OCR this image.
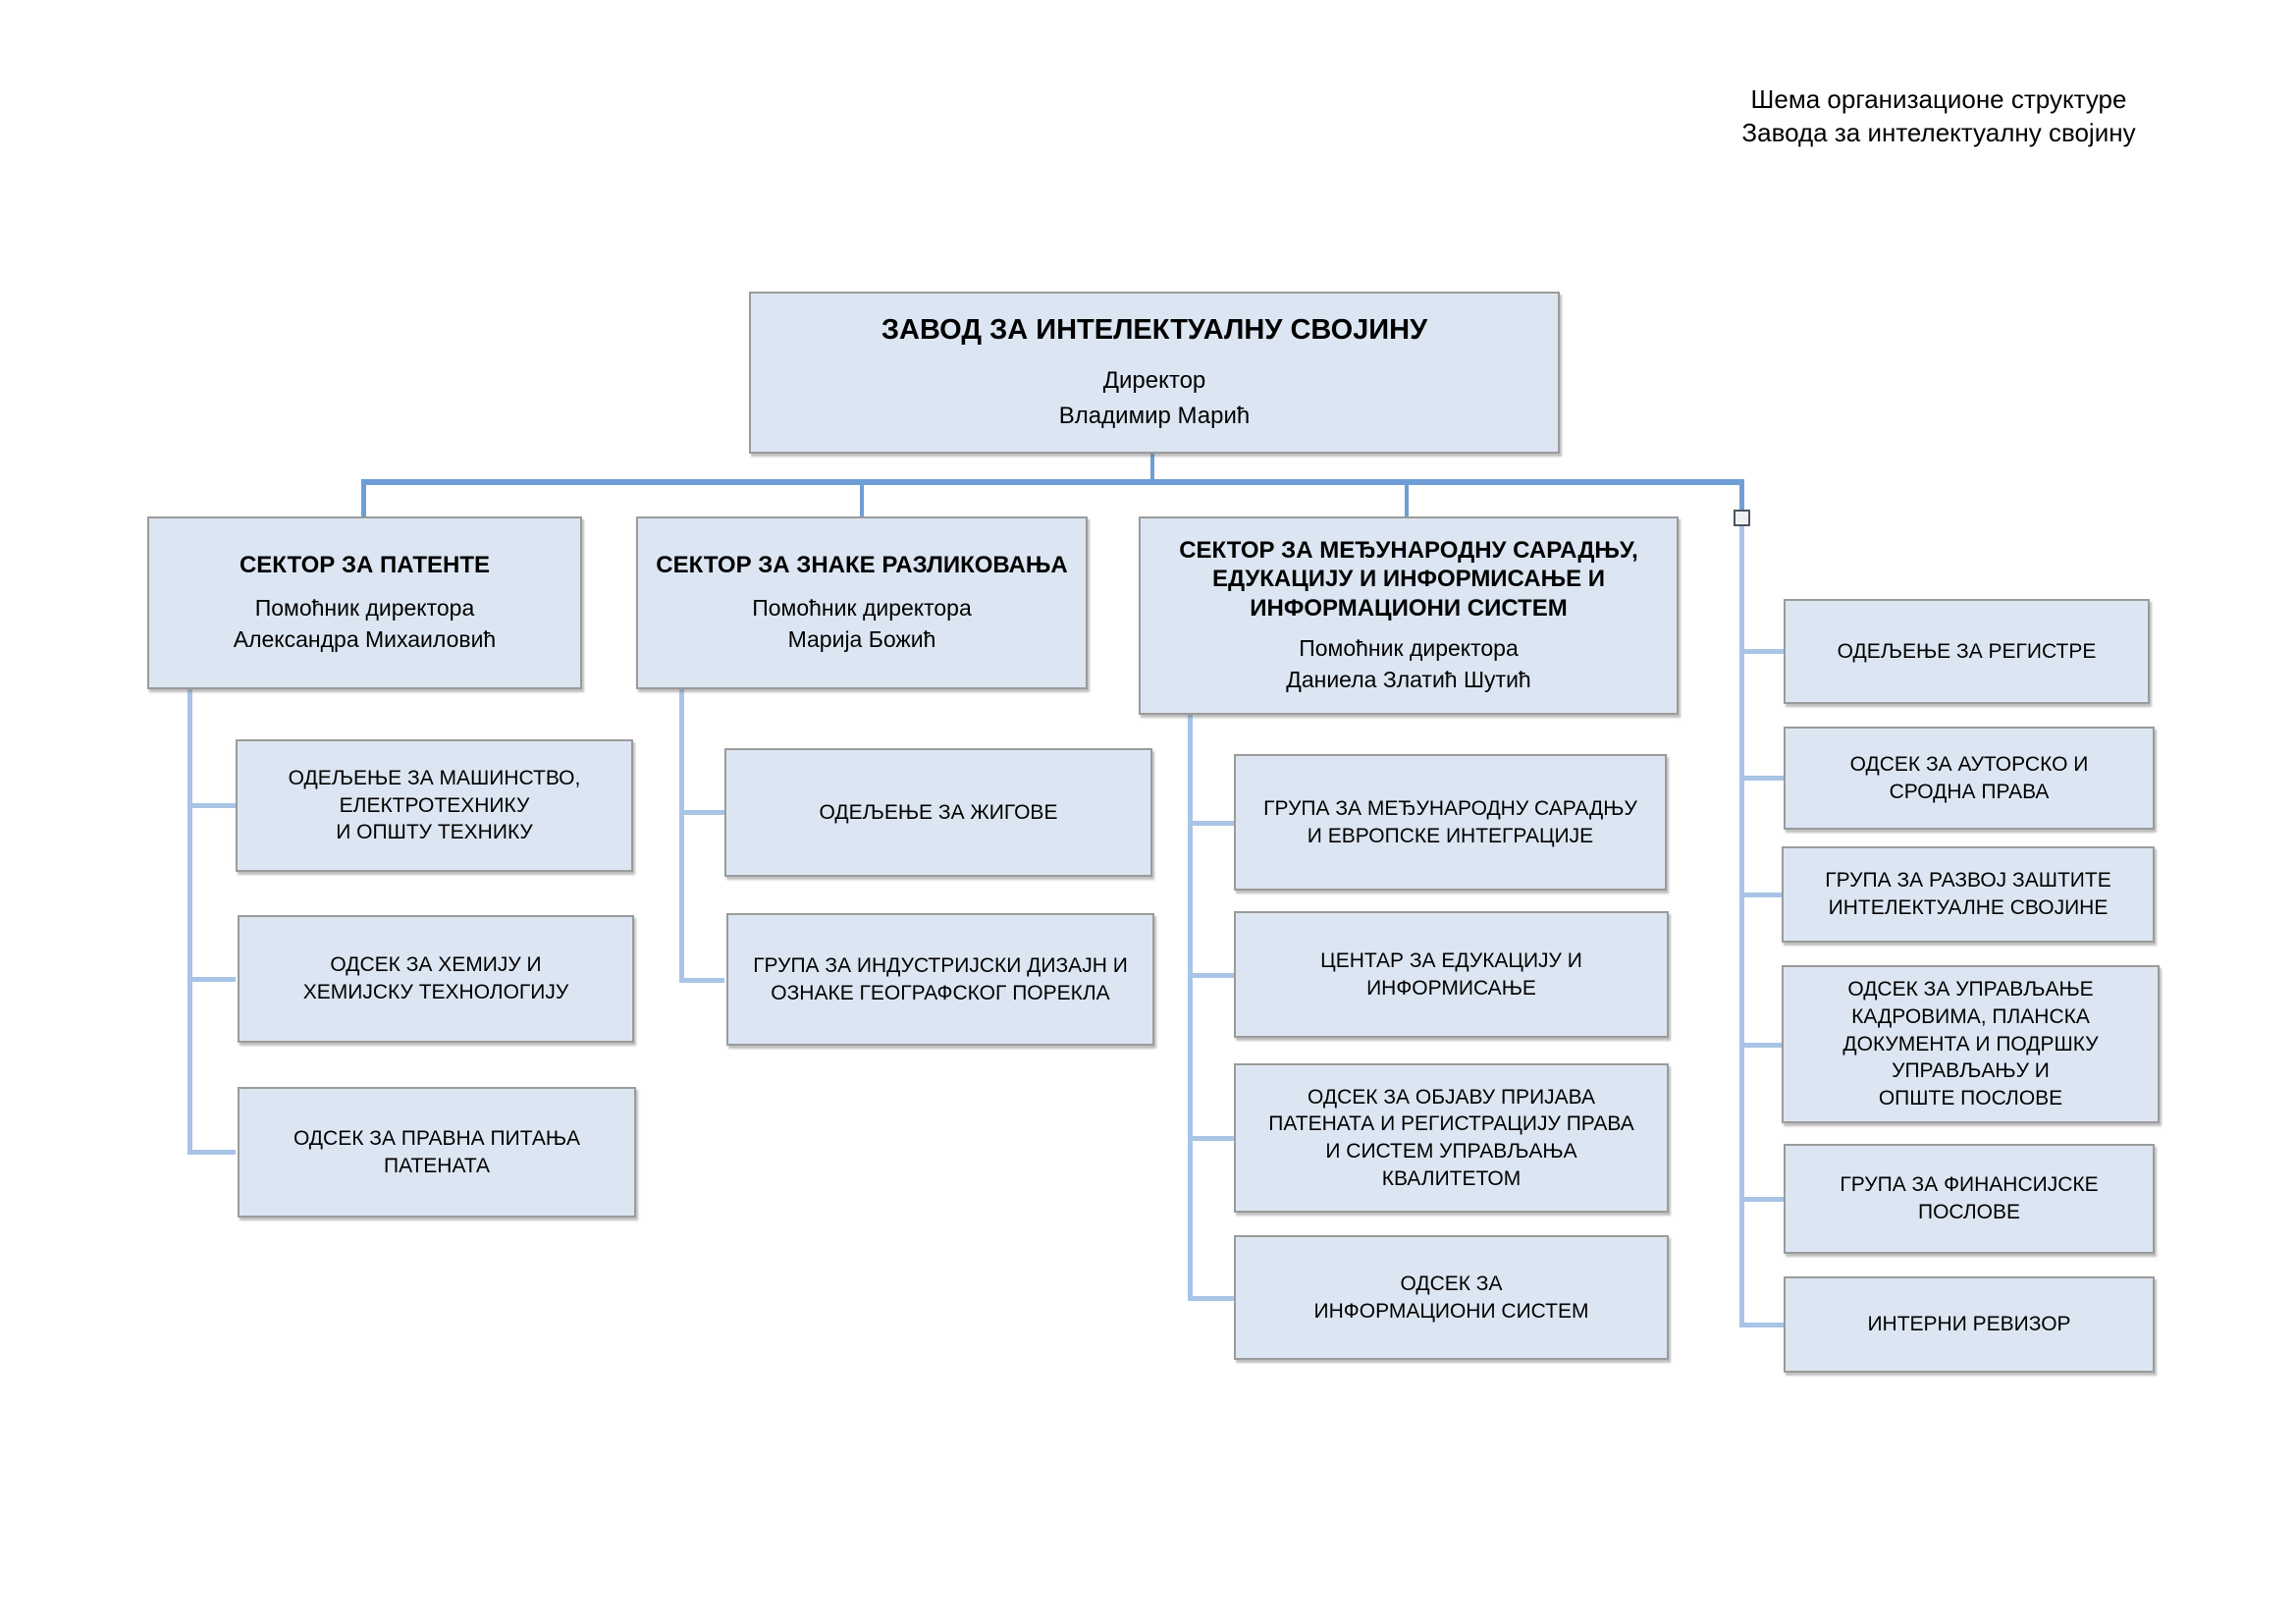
Шема организационе структуре
Завода за интелектуалну својину
ЗАВОД ЗА ИНТЕЛЕКТУАЛНУ СВОЈИНУ
Директор
Владимир Марић
СЕКТОР ЗА ПАТЕНТЕ
Помоћник директора
Александра Михаиловић
СЕКТОР ЗА ЗНАКЕ РАЗЛИКОВАЊА
Помоћник директора
Марија Божић
СЕКТОР ЗА МЕЂУНАРОДНУ САРАДЊУ,
ЕДУКАЦИЈУ И ИНФОРМИСАЊЕ И
ИНФОРМАЦИОНИ СИСТЕМ
Помоћник директора
Даниела Златић Шутић
ОДЕЉЕЊЕ ЗА МАШИНСТВО,
ЕЛЕКТРОТЕХНИКУ
И ОПШТУ ТЕХНИКУ
ОДСЕК ЗА ХЕМИЈУ И
ХЕМИЈСКУ ТЕХНОЛОГИЈУ
ОДСЕК ЗА ПРАВНА ПИТАЊА
ПАТЕНАТА
ОДЕЉЕЊЕ ЗА ЖИГОВЕ
ГРУПА ЗА ИНДУСТРИЈСКИ ДИЗАЈН И
ОЗНАКЕ ГЕОГРАФСКОГ ПОРЕКЛА
ГРУПА ЗА МЕЂУНАРОДНУ САРАДЊУ
И ЕВРОПСКЕ ИНТЕГРАЦИЈЕ
ЦЕНТАР ЗА ЕДУКАЦИЈУ И
ИНФОРМИСАЊЕ
ОДСЕК ЗА ОБЈАВУ ПРИЈАВА
ПАТЕНАТА И РЕГИСТРАЦИЈУ ПРАВА
И СИСТЕМ УПРАВЉАЊА
КВАЛИТЕТОМ
ОДСЕК ЗА
ИНФОРМАЦИОНИ СИСТЕМ
ОДЕЉЕЊЕ ЗА РЕГИСТРЕ
ОДСЕК ЗА АУТОРСКО И
СРОДНА ПРАВА
ГРУПА ЗА РАЗВОЈ ЗАШТИТЕ
ИНТЕЛЕКТУАЛНЕ СВОЈИНЕ
ОДСЕК ЗА УПРАВЉАЊЕ
КАДРОВИМА, ПЛАНСКА
ДОКУМЕНТА И ПОДРШКУ
УПРАВЉАЊУ И
ОПШТЕ ПОСЛОВЕ
ГРУПА ЗА ФИНАНСИЈСКЕ
ПОСЛОВЕ
ИНТЕРНИ РЕВИЗОР
